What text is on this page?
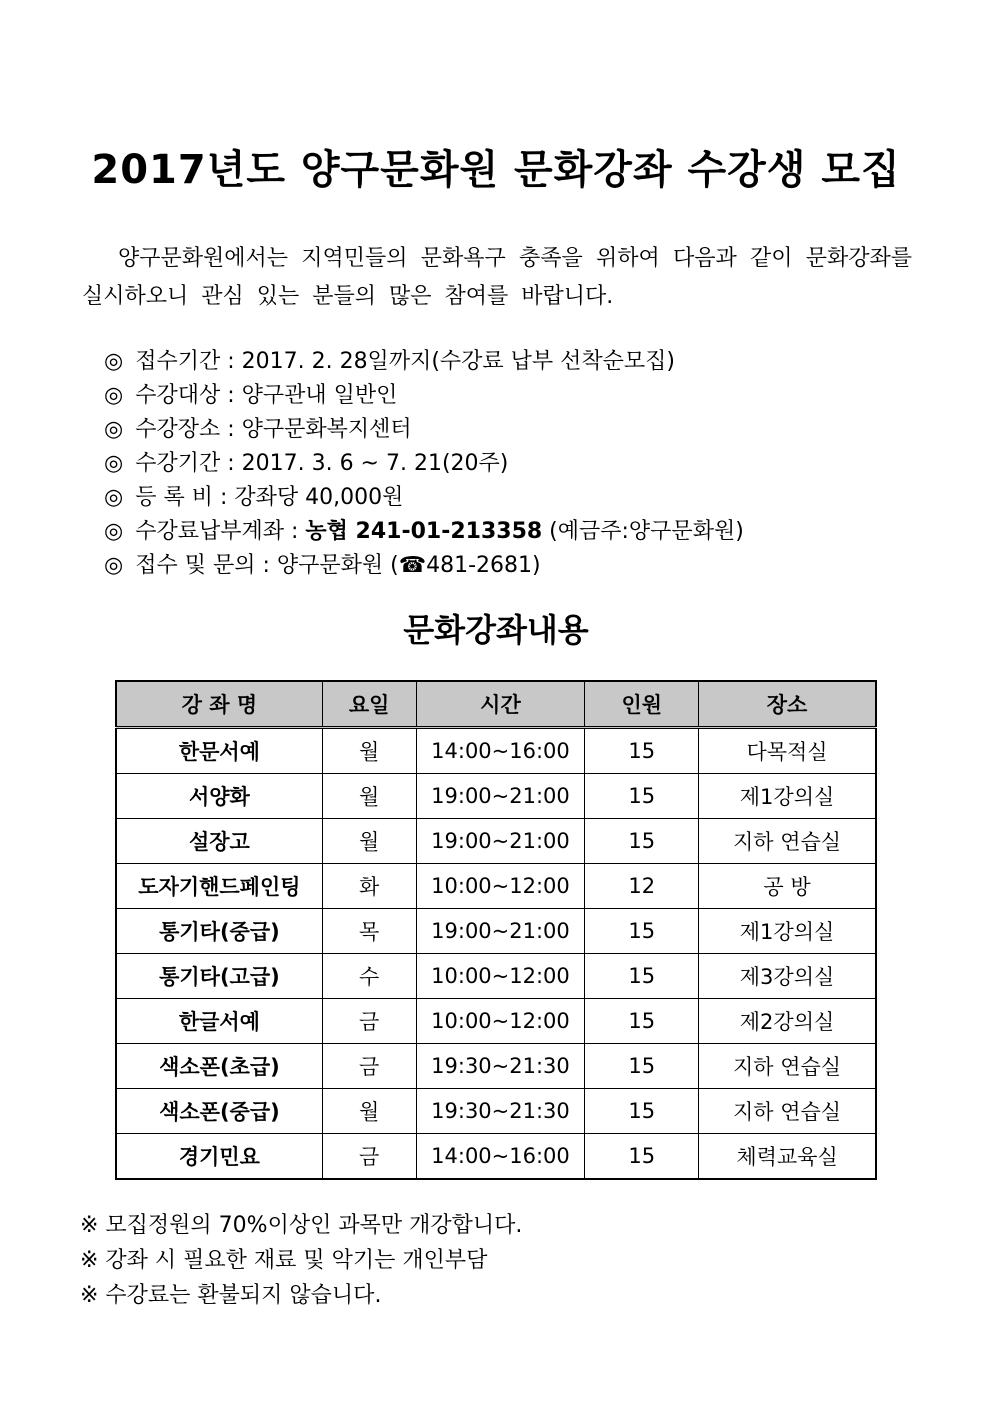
2017년도 양구문화원 문화강좌 수강생 모집
양구문화원에서는 지역민들의 문화욕구 충족을 위하여 다음과 같이 문화강좌를 실시하오니 관심 있는 분들의 많은 참여를 바랍니다.
◎ 접수기간 : 2017. 2. 28일까지(수강료 납부 선착순모집)
◎ 수강대상 : 양구관내 일반인
◎ 수강장소 : 양구문화복지센터
◎ 수강기간 : 2017. 3. 6 ~ 7. 21(20주)
◎ 등 록 비 : 강좌당 40,000원
◎ 수강료납부계좌 : 농협 241-01-213358 (예금주:양구문화원)
◎ 접수 및 문의 : 양구문화원 (☎481-2681)
문화강좌내용
강 좌 명	요일	시간	인원	장소
한문서예	월	14:00~16:00	15	다목적실
서양화	월	19:00~21:00	15	제1강의실
설장고	월	19:00~21:00	15	지하 연습실
도자기핸드페인팅	화	10:00~12:00	12	공 방
통기타(중급)	목	19:00~21:00	15	제1강의실
통기타(고급)	수	10:00~12:00	15	제3강의실
한글서예	금	10:00~12:00	15	제2강의실
색소폰(초급)	금	19:30~21:30	15	지하 연습실
색소폰(중급)	월	19:30~21:30	15	지하 연습실
경기민요	금	14:00~16:00	15	체력교육실
※ 모집정원의 70%이상인 과목만 개강합니다.
※ 강좌 시 필요한 재료 및 악기는 개인부담
※ 수강료는 환불되지 않습니다.
